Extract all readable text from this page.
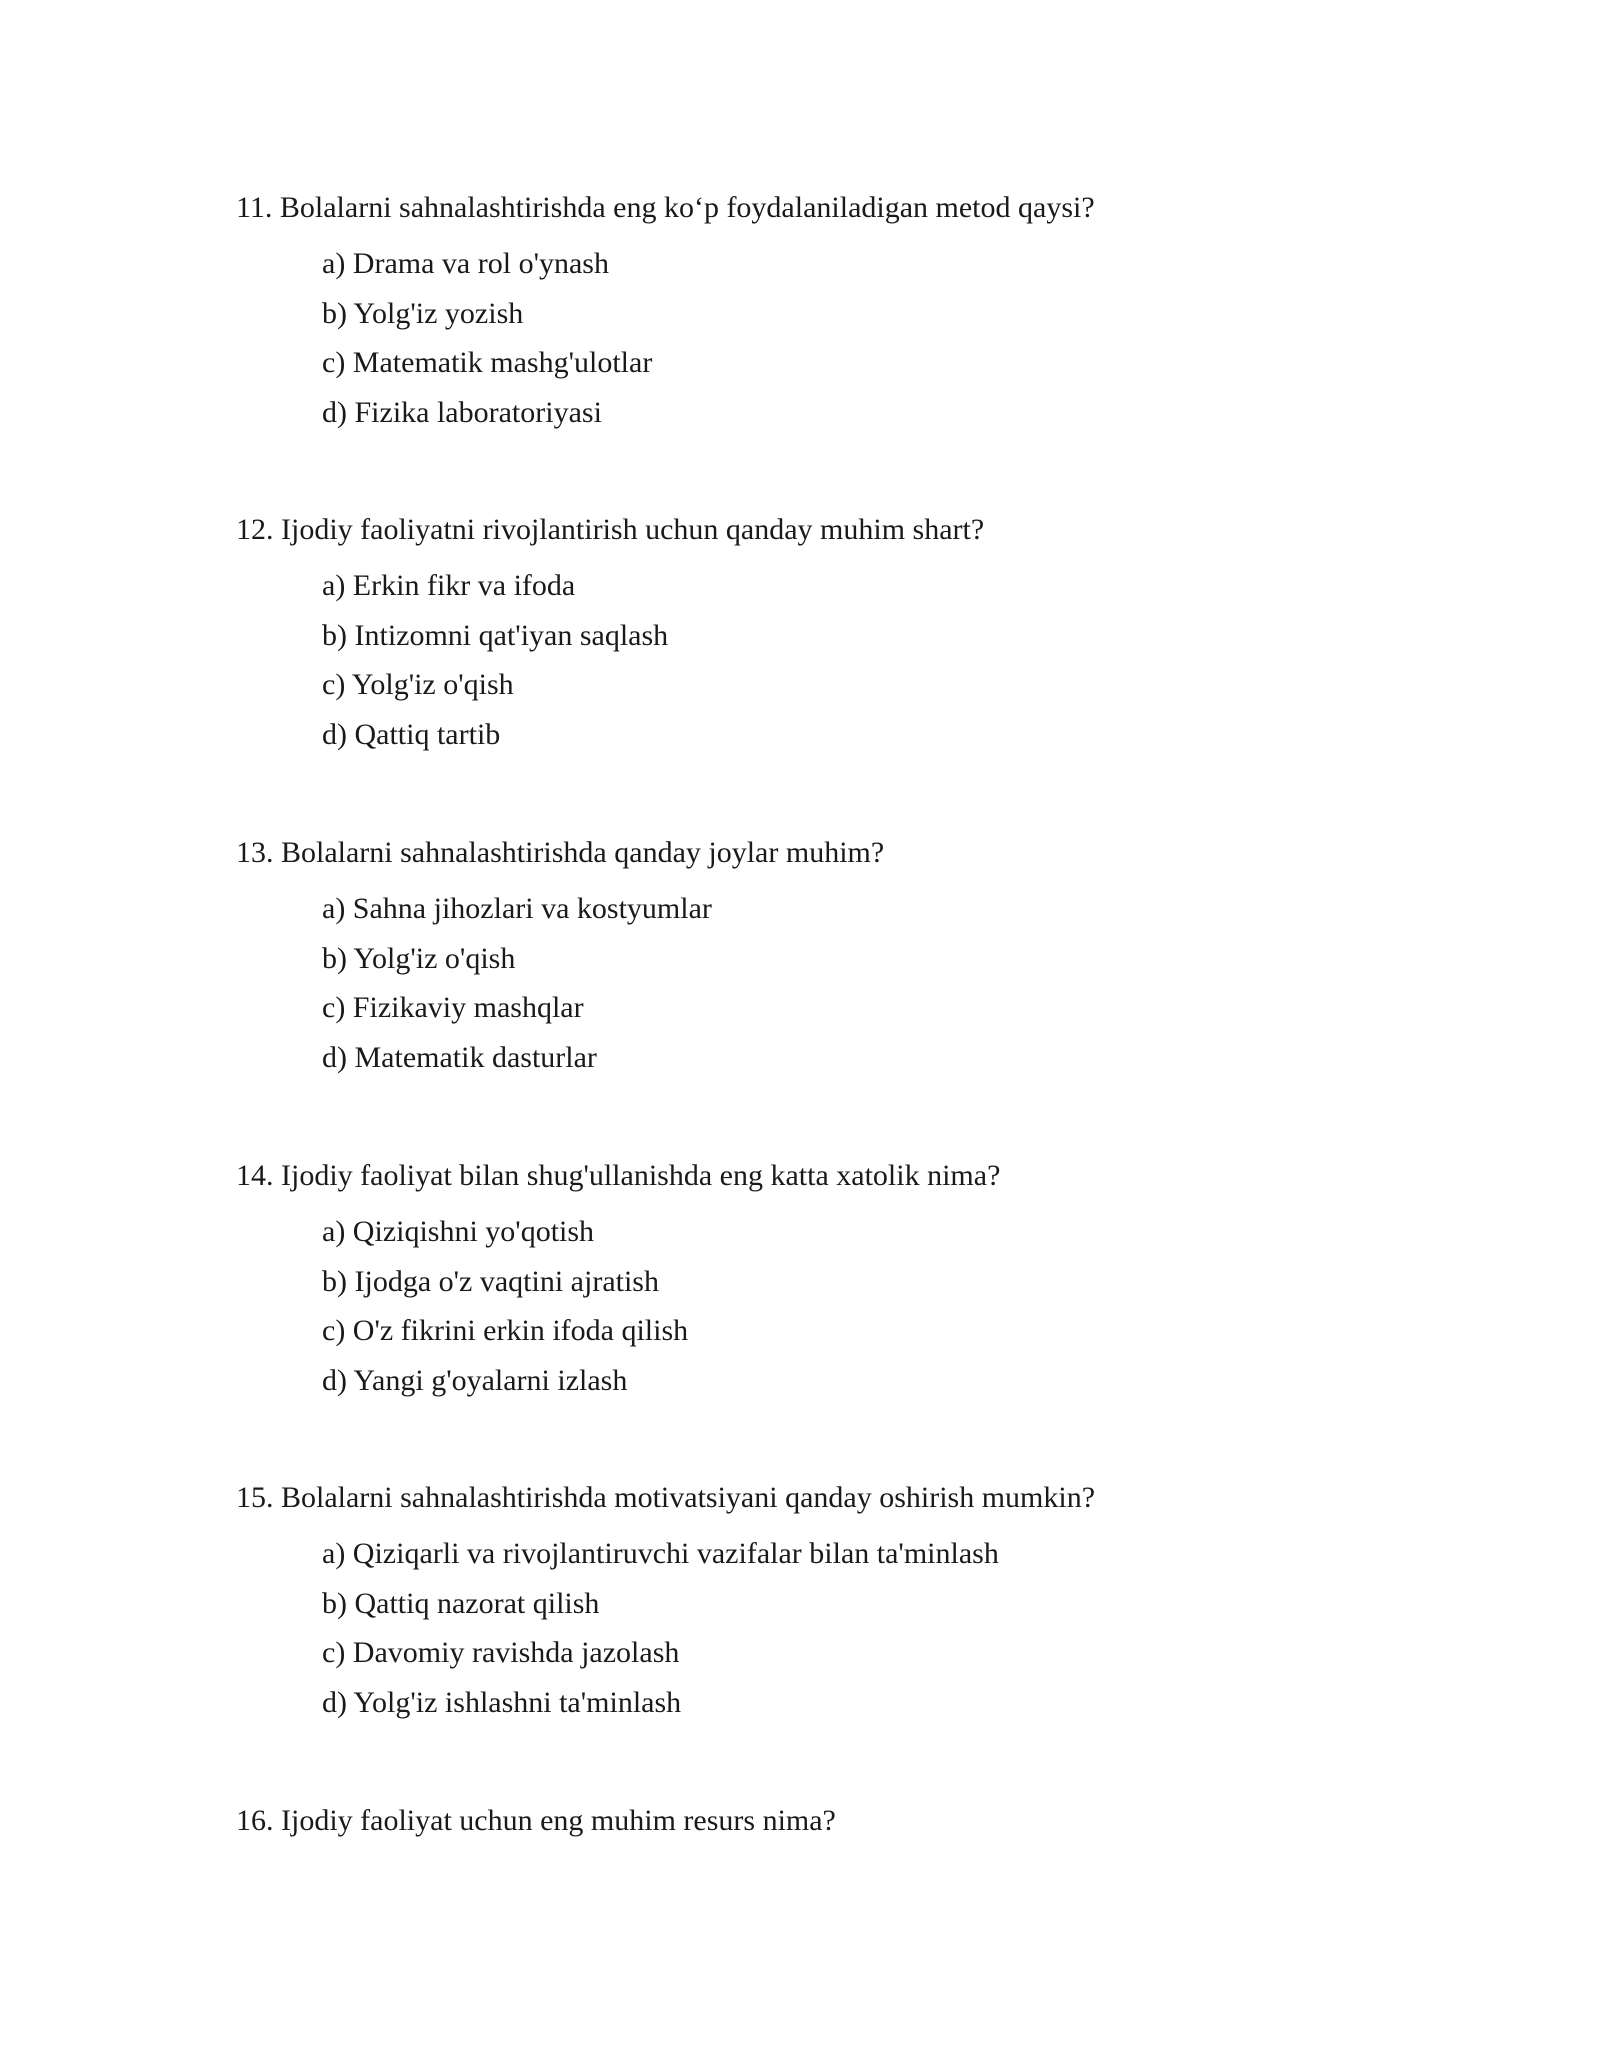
11. Bolalarni sahnalashtirishda eng ko‘p foydalaniladigan metod qaysi?

a) Drama va rol o'ynash
b) Yolg'iz yozish
c) Matematik mashg'ulotlar
d) Fizika laboratoriyasi

12. Ijodiy faoliyatni rivojlantirish uchun qanday muhim shart?

a) Erkin fikr va ifoda
b) Intizomni qat'iyan saqlash
c) Yolg'iz o'qish
d) Qattiq tartib

13. Bolalarni sahnalashtirishda qanday joylar muhim?

a) Sahna jihozlari va kostyumlar
b) Yolg'iz o'qish
c) Fizikaviy mashqlar
d) Matematik dasturlar

14. Ijodiy faoliyat bilan shug'ullanishda eng katta xatolik nima?

a) Qiziqishni yo'qotish
b) Ijodga o'z vaqtini ajratish
c) O'z fikrini erkin ifoda qilish
d) Yangi g'oyalarni izlash

15. Bolalarni sahnalashtirishda motivatsiyani qanday oshirish mumkin?

a) Qiziqarli va rivojlantiruvchi vazifalar bilan ta'minlash
b) Qattiq nazorat qilish
c) Davomiy ravishda jazolash
d) Yolg'iz ishlashni ta'minlash

16. Ijodiy faoliyat uchun eng muhim resurs nima?
